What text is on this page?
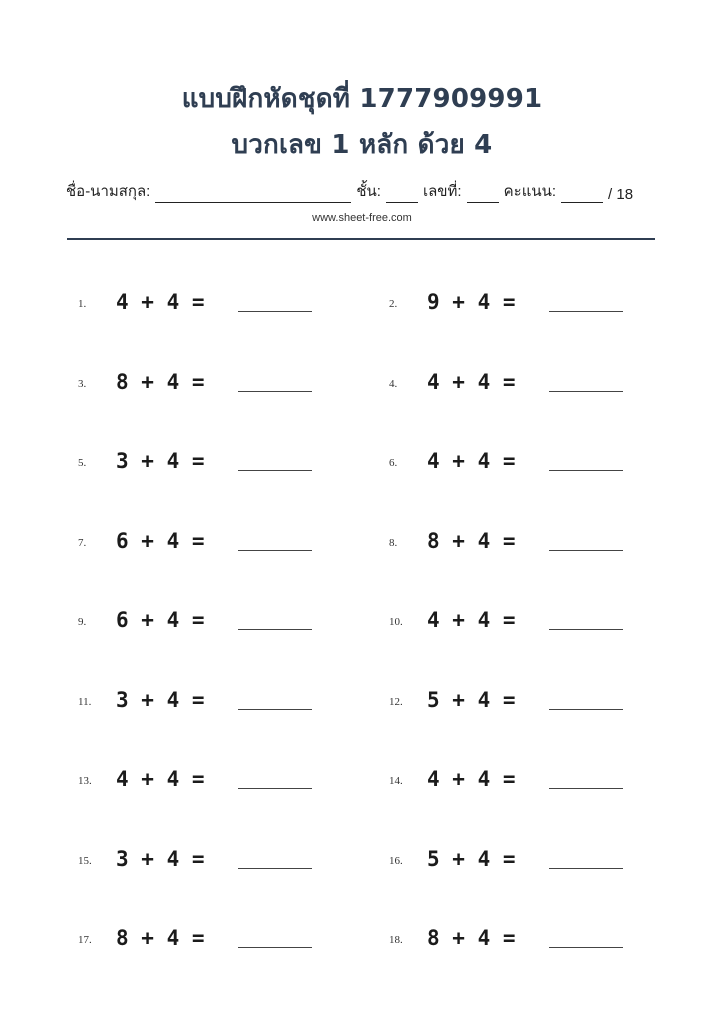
แบบฝึกหัดชุดที่ 1777909991
บวกเลข 1 หลัก ด้วย 4
ชื่อ-นามสกุล:	ชั้น:	เลขที่:	คะแนน:	/ 18
www.sheet-free.com
1. 4 + 4 =	2. 9 + 4 =
3. 8 + 4 =	4. 4 + 4 =
5. 3 + 4 =	6. 4 + 4 =
7. 6 + 4 =	8. 8 + 4 =
9. 6 + 4 =	10. 4 + 4 =
11. 3 + 4 =	12. 5 + 4 =
13. 4 + 4 =	14. 4 + 4 =
15. 3 + 4 =	16. 5 + 4 =
17. 8 + 4 =	18. 8 + 4 =
